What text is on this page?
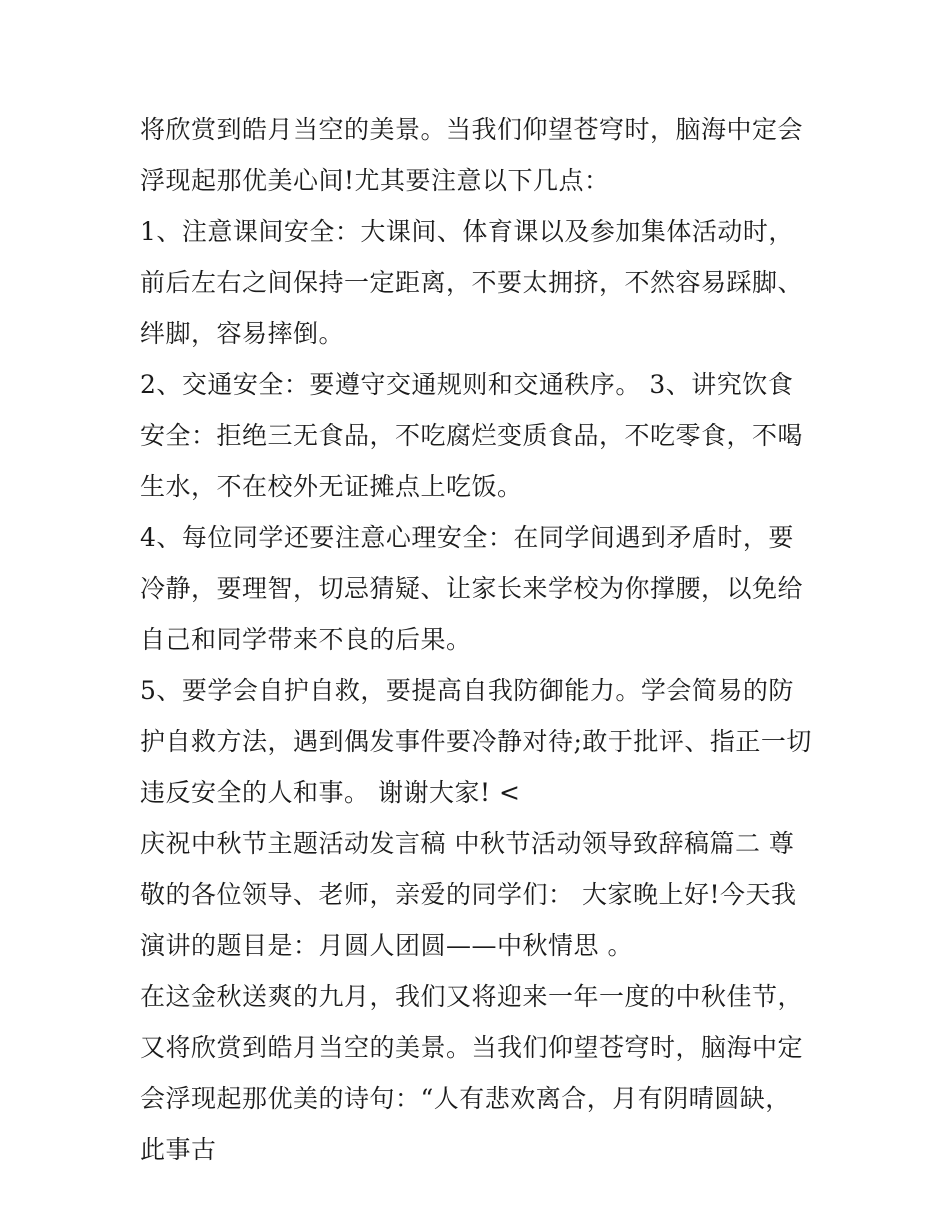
将欣赏到皓月当空的美景。当我们仰望苍穹时，脑海中定会浮现起那优美心间!尤其要注意以下几点：

1、注意课间安全：大课间、体育课以及参加集体活动时，前后左右之间保持一定距离，不要太拥挤，不然容易踩脚、绊脚，容易摔倒。

2、交通安全：要遵守交通规则和交通秩序。 3、讲究饮食安全：拒绝三无食品，不吃腐烂变质食品，不吃零食，不喝生水，不在校外无证摊点上吃饭。

4、每位同学还要注意心理安全：在同学间遇到矛盾时，要冷静，要理智，切忌猜疑、让家长来学校为你撑腰，以免给自己和同学带来不良的后果。

5、要学会自护自救，要提高自我防御能力。学会简易的防护自救方法，遇到偶发事件要冷静对待;敢于批评、指正一切违反安全的人和事。 谢谢大家! <

庆祝中秋节主题活动发言稿 中秋节活动领导致辞稿篇二 尊敬的各位领导、老师，亲爱的同学们： 大家晚上好!今天我演讲的题目是：月圆人团圆——中秋情思 。

在这金秋送爽的九月，我们又将迎来一年一度的中秋佳节，又将欣赏到皓月当空的美景。当我们仰望苍穹时，脑海中定会浮现起那优美的诗句：“人有悲欢离合，月有阴晴圆缺，此事古
